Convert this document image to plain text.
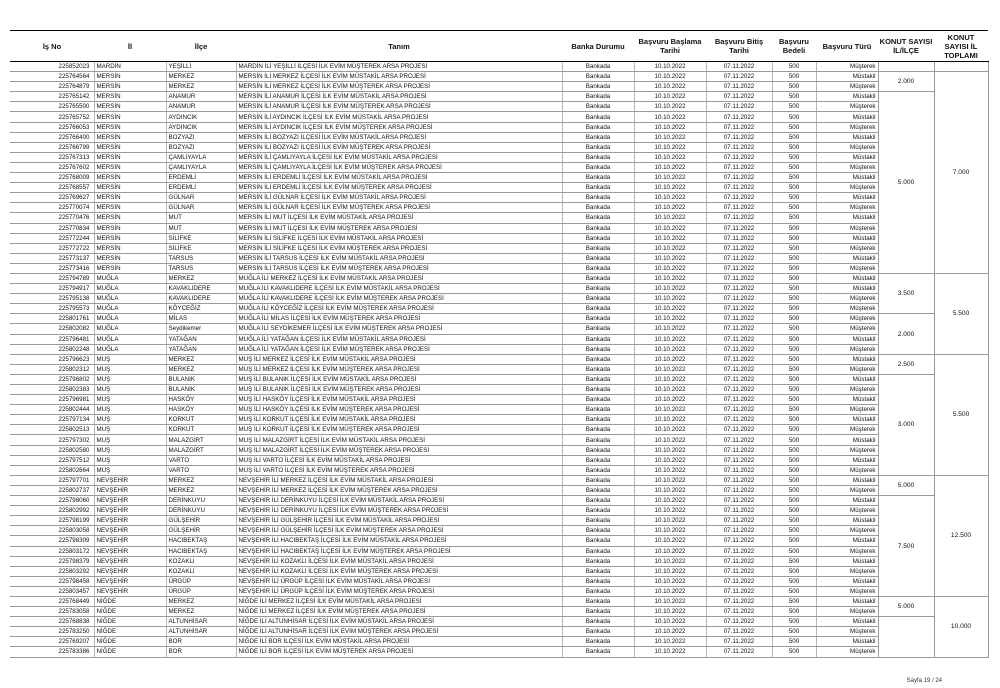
İş No	İl	İlçe	Tanım	Banka Durumu	Başvuru Başlama Tarihi	Başvuru Bitiş Tarihi	Başvuru Bedeli	Başvuru Türü	KONUT SAYISI İL/İLÇE	KONUT SAYISI İL TOPLAMI
225852023	MARDİN	YEŞİLLİ	MARDİN İLİ YEŞİLLİ İLÇESİ İLK EVİM MÜŞTEREK ARSA PROJESİ	Bankada	10.10.2022	07.11.2022	500	Müşterek		
225764564	MERSİN	MERKEZ	MERSİN İLİ MERKEZ İLÇESİ İLK EVİM MÜSTAKİL ARSA PROJESİ	Bankada	10.10.2022	07.11.2022	500	Müstakil	2.000	7.000
225764879	MERSİN	MERKEZ	MERSİN İLİ MERKEZ İLÇESİ İLK EVİM MÜŞTEREK ARSA PROJESİ	Bankada	10.10.2022	07.11.2022	500	Müşterek		
225765142	MERSİN	ANAMUR	MERSİN İLİ ANAMUR İLÇESİ İLK EVİM MÜSTAKİL ARSA PROJESİ	Bankada	10.10.2022	07.11.2022	500	Müstakil	5.000	
225765500	MERSİN	ANAMUR	MERSİN İLİ ANAMUR İLÇESİ İLK EVİM MÜŞTEREK ARSA PROJESİ	Bankada	10.10.2022	07.11.2022	500	Müşterek		
225765752	MERSİN	AYDINCIK	MERSİN İLİ AYDINCIK İLÇESİ İLK EVİM MÜSTAKİL ARSA PROJESİ	Bankada	10.10.2022	07.11.2022	500	Müstakil		
225766053	MERSİN	AYDINCIK	MERSİN İLİ AYDINCIK İLÇESİ İLK EVİM MÜŞTEREK ARSA PROJESİ	Bankada	10.10.2022	07.11.2022	500	Müşterek		
225766400	MERSİN	BOZYAZI	MERSİN İLİ BOZYAZI İLÇESİ İLK EVİM MÜSTAKİL ARSA PROJESİ	Bankada	10.10.2022	07.11.2022	500	Müstakil		
225766799	MERSİN	BOZYAZI	MERSİN İLİ BOZYAZI İLÇESİ İLK EVİM MÜŞTEREK ARSA PROJESİ	Bankada	10.10.2022	07.11.2022	500	Müşterek		
225767313	MERSİN	ÇAMLIYAYLA	MERSİN İLİ ÇAMLIYAYLA İLÇESİ İLK EVİM MÜSTAKİL ARSA PROJESİ	Bankada	10.10.2022	07.11.2022	500	Müstakil		
225767602	MERSİN	ÇAMLIYAYLA	MERSİN İLİ ÇAMLIYAYLA İLÇESİ İLK EVİM MÜŞTEREK ARSA PROJESİ	Bankada	10.10.2022	07.11.2022	500	Müşterek		
225768009	MERSİN	ERDEMLİ	MERSİN İLİ ERDEMLİ İLÇESİ İLK EVİM MÜSTAKİL ARSA PROJESİ	Bankada	10.10.2022	07.11.2022	500	Müstakil		
225768557	MERSİN	ERDEMLİ	MERSİN İLİ ERDEMLİ İLÇESİ İLK EVİM MÜŞTEREK ARSA PROJESİ	Bankada	10.10.2022	07.11.2022	500	Müşterek		
225769627	MERSİN	GÜLNAR	MERSİN İLİ GÜLNAR İLÇESİ İLK EVİM MÜSTAKİL ARSA PROJESİ	Bankada	10.10.2022	07.11.2022	500	Müstakil		
225770074	MERSİN	GÜLNAR	MERSİN İLİ GÜLNAR İLÇESİ İLK EVİM MÜŞTEREK ARSA PROJESİ	Bankada	10.10.2022	07.11.2022	500	Müşterek		
225770476	MERSİN	MUT	MERSİN İLİ MUT İLÇESİ İLK EVİM MÜSTAKİL ARSA PROJESİ	Bankada	10.10.2022	07.11.2022	500	Müstakil		
225770834	MERSİN	MUT	MERSİN İLİ MUT İLÇESİ İLK EVİM MÜŞTEREK ARSA PROJESİ	Bankada	10.10.2022	07.11.2022	500	Müşterek		
225772244	MERSİN	SİLİFKE	MERSİN İLİ SİLİFKE İLÇESİ İLK EVİM MÜSTAKİL ARSA PROJESİ	Bankada	10.10.2022	07.11.2022	500	Müstakil		
225772722	MERSİN	SİLİFKE	MERSİN İLİ SİLİFKE İLÇESİ İLK EVİM MÜŞTEREK ARSA PROJESİ	Bankada	10.10.2022	07.11.2022	500	Müşterek		
225773137	MERSİN	TARSUS	MERSİN İLİ TARSUS İLÇESİ İLK EVİM MÜSTAKİL ARSA PROJESİ	Bankada	10.10.2022	07.11.2022	500	Müstakil		
225773416	MERSİN	TARSUS	MERSİN İLİ TARSUS İLÇESİ İLK EVİM MÜŞTEREK ARSA PROJESİ	Bankada	10.10.2022	07.11.2022	500	Müşterek		
225794789	MUĞLA	MERKEZ	MUĞLA İLİ MERKEZ İLÇESİ İLK EVİM MÜSTAKİL ARSA PROJESİ	Bankada	10.10.2022	07.11.2022	500	Müstakil	3.500	5.500
225794917	MUĞLA	KAVAKLIDERE	MUĞLA İLİ KAVAKLIDERE İLÇESİ İLK EVİM MÜSTAKİL ARSA PROJESİ	Bankada	10.10.2022	07.11.2022	500	Müstakil		
225795138	MUĞLA	KAVAKLIDERE	MUĞLA İLİ KAVAKLIDERE İLÇESİ İLK EVİM MÜŞTEREK ARSA PROJESİ	Bankada	10.10.2022	07.11.2022	500	Müşterek		
225795573	MUĞLA	KÖYCEĞİZ	MUĞLA İLİ KÖYCEĞİZ İLÇESİ İLK EVİM MÜŞTEREK ARSA PROJESİ	Bankada	10.10.2022	07.11.2022	500	Müşterek		
225801761	MUĞLA	MİLAS	MUĞLA İLİ MİLAS İLÇESİ İLK EVİM MÜŞTEREK ARSA PROJESİ	Bankada	10.10.2022	07.11.2022	500	Müşterek	2.000	
225802082	MUĞLA	Seydikemer	MUĞLA İLİ SEYDİKEMER İLÇESİ İLK EVİM MÜŞTEREK ARSA PROJESİ	Bankada	10.10.2022	07.11.2022	500	Müşterek		
225796481	MUĞLA	YATAĞAN	MUĞLA İLİ YATAĞAN İLÇESİ İLK EVİM MÜSTAKİL ARSA PROJESİ	Bankada	10.10.2022	07.11.2022	500	Müstakil		
225802248	MUĞLA	YATAĞAN	MUĞLA İLİ YATAĞAN İLÇESİ İLK EVİM MÜŞTEREK ARSA PROJESİ	Bankada	10.10.2022	07.11.2022	500	Müşterek		
225796623	MUŞ	MERKEZ	MUŞ İLİ MERKEZ İLÇESİ İLK EVİM MÜSTAKİL ARSA PROJESİ	Bankada	10.10.2022	07.11.2022	500	Müstakil	2.500	5.500
225802312	MUŞ	MERKEZ	MUŞ İLİ MERKEZ İLÇESİ İLK EVİM MÜŞTEREK ARSA PROJESİ	Bankada	10.10.2022	07.11.2022	500	Müşterek		
225796802	MUŞ	BULANIK	MUŞ İLİ BULANIK İLÇESİ İLK EVİM MÜSTAKİL ARSA PROJESİ	Bankada	10.10.2022	07.11.2022	500	Müstakil	3.000	
225802383	MUŞ	BULANIK	MUŞ İLİ BULANIK İLÇESİ İLK EVİM MÜŞTEREK ARSA PROJESİ	Bankada	10.10.2022	07.11.2022	500	Müşterek		
225796981	MUŞ	HASKÖY	MUŞ İLİ HASKÖY İLÇESİ İLK EVİM MÜSTAKİL ARSA PROJESİ	Bankada	10.10.2022	07.11.2022	500	Müstakil		
225802444	MUŞ	HASKÖY	MUŞ İLİ HASKÖY İLÇESİ İLK EVİM MÜŞTEREK ARSA PROJESİ	Bankada	10.10.2022	07.11.2022	500	Müşterek		
225797134	MUŞ	KORKUT	MUŞ İLİ KORKUT İLÇESİ İLK EVİM MÜSTAKİL ARSA PROJESİ	Bankada	10.10.2022	07.11.2022	500	Müstakil		
225802513	MUŞ	KORKUT	MUŞ İLİ KORKUT İLÇESİ İLK EVİM MÜŞTEREK ARSA PROJESİ	Bankada	10.10.2022	07.11.2022	500	Müşterek		
225797302	MUŞ	MALAZGİRT	MUŞ İLİ MALAZGİRT İLÇESİ İLK EVİM MÜSTAKİL ARSA PROJESİ	Bankada	10.10.2022	07.11.2022	500	Müstakil		
225802580	MUŞ	MALAZGİRT	MUŞ İLİ MALAZGİRT İLÇESİ İLK EVİM MÜŞTEREK ARSA PROJESİ	Bankada	10.10.2022	07.11.2022	500	Müşterek		
225797512	MUŞ	VARTO	MUŞ İLİ VARTO İLÇESİ İLK EVİM MÜSTAKİL ARSA PROJESİ	Bankada	10.10.2022	07.11.2022	500	Müstakil		
225802664	MUŞ	VARTO	MUŞ İLİ VARTO İLÇESİ İLK EVİM MÜŞTEREK ARSA PROJESİ	Bankada	10.10.2022	07.11.2022	500	Müşterek		
225797701	NEVŞEHİR	MERKEZ	NEVŞEHİR İLİ MERKEZ İLÇESİ İLK EVİM MÜSTAKİL ARSA PROJESİ	Bankada	10.10.2022	07.11.2022	500	Müstakil	5.000	12.500
225802737	NEVŞEHİR	MERKEZ	NEVŞEHİR İLİ MERKEZ İLÇESİ İLK EVİM MÜŞTEREK ARSA PROJESİ	Bankada	10.10.2022	07.11.2022	500	Müşterek		
225798060	NEVŞEHİR	DERİNKUYU	NEVŞEHİR İLİ DERİNKUYU İLÇESİ İLK EVİM MÜSTAKİL ARSA PROJESİ	Bankada	10.10.2022	07.11.2022	500	Müstakil	7.500	
225802992	NEVŞEHİR	DERİNKUYU	NEVŞEHİR İLİ DERİNKUYU İLÇESİ İLK EVİM MÜŞTEREK ARSA PROJESİ	Bankada	10.10.2022	07.11.2022	500	Müşterek		
225798199	NEVŞEHİR	GÜLŞEHİR	NEVŞEHİR İLİ GÜLŞEHİR İLÇESİ İLK EVİM MÜSTAKİL ARSA PROJESİ	Bankada	10.10.2022	07.11.2022	500	Müstakil		
225803058	NEVŞEHİR	GÜLŞEHİR	NEVŞEHİR İLİ GÜLŞEHİR İLÇESİ İLK EVİM MÜŞTEREK ARSA PROJESİ	Bankada	10.10.2022	07.11.2022	500	Müşterek		
225798309	NEVŞEHİR	HACIBEKTAŞ	NEVŞEHİR İLİ HACIBEKTAŞ İLÇESİ İLK EVİM MÜSTAKİL ARSA PROJESİ	Bankada	10.10.2022	07.11.2022	500	Müstakil		
225803172	NEVŞEHİR	HACIBEKTAŞ	NEVŞEHİR İLİ HACIBEKTAŞ İLÇESİ İLK EVİM MÜŞTEREK ARSA PROJESİ	Bankada	10.10.2022	07.11.2022	500	Müşterek		
225798379	NEVŞEHİR	KOZAKLI	NEVŞEHİR İLİ KOZAKLI İLÇESİ İLK EVİM MÜSTAKİL ARSA PROJESİ	Bankada	10.10.2022	07.11.2022	500	Müstakil		
225803292	NEVŞEHİR	KOZAKLI	NEVŞEHİR İLİ KOZAKLI İLÇESİ İLK EVİM MÜŞTEREK ARSA PROJESİ	Bankada	10.10.2022	07.11.2022	500	Müşterek		
225798458	NEVŞEHİR	ÜRGÜP	NEVŞEHİR İLİ ÜRGÜP İLÇESİ İLK EVİM MÜSTAKİL ARSA PROJESİ	Bankada	10.10.2022	07.11.2022	500	Müstakil		
225803457	NEVŞEHİR	ÜRGÜP	NEVŞEHİR İLİ ÜRGÜP İLÇESİ İLK EVİM MÜŞTEREK ARSA PROJESİ	Bankada	10.10.2022	07.11.2022	500	Müşterek		
225768449	NİĞDE	MERKEZ	NİĞDE İLİ MERKEZ İLÇESİ İLK EVİM MÜSTAKİL ARSA PROJESİ	Bankada	10.10.2022	07.11.2022	500	Müstakil	5.000	10.000
225783058	NİĞDE	MERKEZ	NİĞDE İLİ MERKEZ İLÇESİ İLK EVİM MÜŞTEREK ARSA PROJESİ	Bankada	10.10.2022	07.11.2022	500	Müşterek		
225768838	NİĞDE	ALTUNHİSAR	NİĞDE İLİ ALTUNHİSAR İLÇESİ İLK EVİM MÜSTAKİL ARSA PROJESİ	Bankada	10.10.2022	07.11.2022	500	Müstakil		
225783250	NİĞDE	ALTUNHİSAR	NİĞDE İLİ ALTUNHİSAR İLÇESİ İLK EVİM MÜŞTEREK ARSA PROJESİ	Bankada	10.10.2022	07.11.2022	500	Müşterek		
225769207	NİĞDE	BOR	NİĞDE İLİ BOR İLÇESİ İLK EVİM MÜSTAKİL ARSA PROJESİ	Bankada	10.10.2022	07.11.2022	500	Müstakil		
225783386	NİĞDE	BOR	NİĞDE İLİ BOR İLÇESİ İLK EVİM MÜŞTEREK ARSA PROJESİ	Bankada	10.10.2022	07.11.2022	500	Müşterek		
Sayfa 19 / 24
